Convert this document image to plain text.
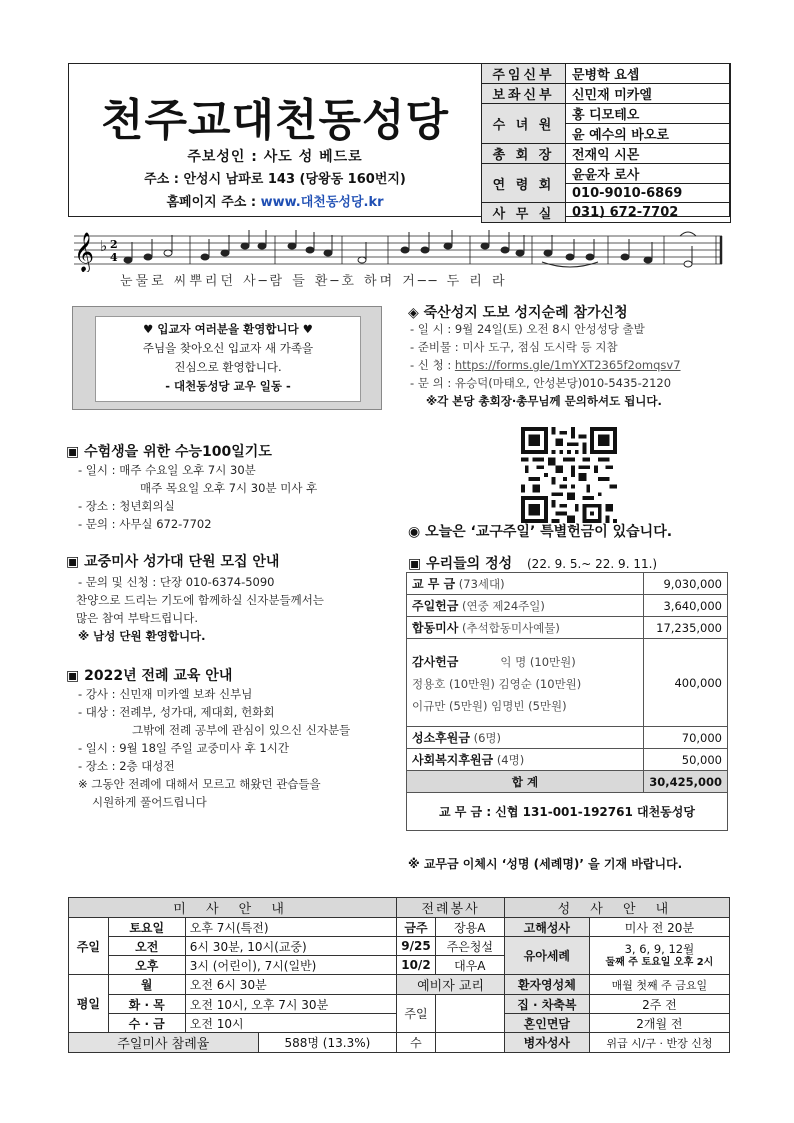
천주교대천동성당
주보성인 : 사도 성 베드로
주소 : 안성시 남파로 143 (당왕동 160번지)
홈페이지 주소 : www.대천동성당.kr
주임신부	문병학 요셉
보좌신부	신민재 미카엘
수 녀 원	홍 디모테오
	윤 예수의 바오로
총 회 장	전재익 시몬
연 령 회	윤윤자 로사
	010-9010-6869
사 무 실	031) 672-7702
𝄞 ♭ 2
4
눈물로 씨뿌리던 사─람 들 환─호 하며 거── 두 리 라
♥ 입교자 여러분을 환영합니다 ♥
주님을 찾아오신 입교자 새 가족을
진심으로 환영합니다.
- 대천동성당 교우 일동 -
▣ 수험생을 위한 수능100일기도
- 일시 : 매주 수요일 오후 7시 30분
매주 목요일 오후 7시 30분 미사 후
- 장소 : 청년회의실
- 문의 : 사무실 672-7702
▣ 교중미사 성가대 단원 모집 안내
- 문의 및 신청 : 단장 010-6374-5090
찬양으로 드리는 기도에 함께하실 신자분들께서는
많은 참여 부탁드립니다.
※ 남성 단원 환영합니다.
▣ 2022년 전례 교육 안내
- 강사 : 신민재 미카엘 보좌 신부님
- 대상 : 전례부, 성가대, 제대회, 헌화회
그밖에 전례 공부에 관심이 있으신 신자분들
- 일시 : 9월 18일 주일 교중미사 후 1시간
- 장소 : 2층 대성전
※ 그동안 전례에 대해서 모르고 해왔던 관습들을
시원하게 풀어드립니다
◈ 죽산성지 도보 성지순례 참가신청
- 일 시 : 9월 24일(토) 오전 8시 안성성당 출발
- 준비물 : 미사 도구, 점심 도시락 등 지참
- 신 청 : https://forms.gle/1mYXT2365f2omqsv7
- 문 의 : 유승덕(마태오, 안성본당)010-5435-2120
※각 본당 총회장·총무님께 문의하셔도 됩니다.
◉ 오늘은 ‘교구주일’ 특별헌금이 있습니다.
▣ 우리들의 정성 (22. 9. 5.~ 22. 9. 11.)
교 무 금 (73세대)	9,030,000
주일헌금 (연중 제24주일)	3,640,000
합동미사 (추석합동미사예물)	17,235,000

감사헌금 익 명 (10만원)
정용호 (10만원) 김영순 (10만원)
이규만 (5만원) 임명빈 (5만원)	400,000
성소후원금 (6명)	70,000
사회복지후원금 (4명)	50,000
합 계	30,425,000
교 무 금 : 신협 131-001-192761 대천동성당	
※ 교무금 이체시 ‘성명 (세례명)’ 을 기재 바랍니다.
미 사 안 내				전례봉사		성 사 안 내	
주일	토요일	오후 7시(특전)		금주	장용A	고해성사	미사 전 20분
	오전	6시 30분, 10시(교중)		9/25	주은청설	유아세례	3, 6, 9, 12월
둘째 주 토요일 오후 2시

	오후	3시 (어린이), 7시(일반)		10/2	대우A		
평일	월	오전 6시 30분		예비자 교리		환자영성체	매월 첫째 주 금요일
	화 · 목	오전 10시, 오후 7시 30분		주일		집 · 차축복	2주 전
	수 · 금	오전 10시				혼인면담	2개월 전
주일미사 참례율			588명 (13.3%)	수		병자성사	위급 시/구 · 반장 신청
